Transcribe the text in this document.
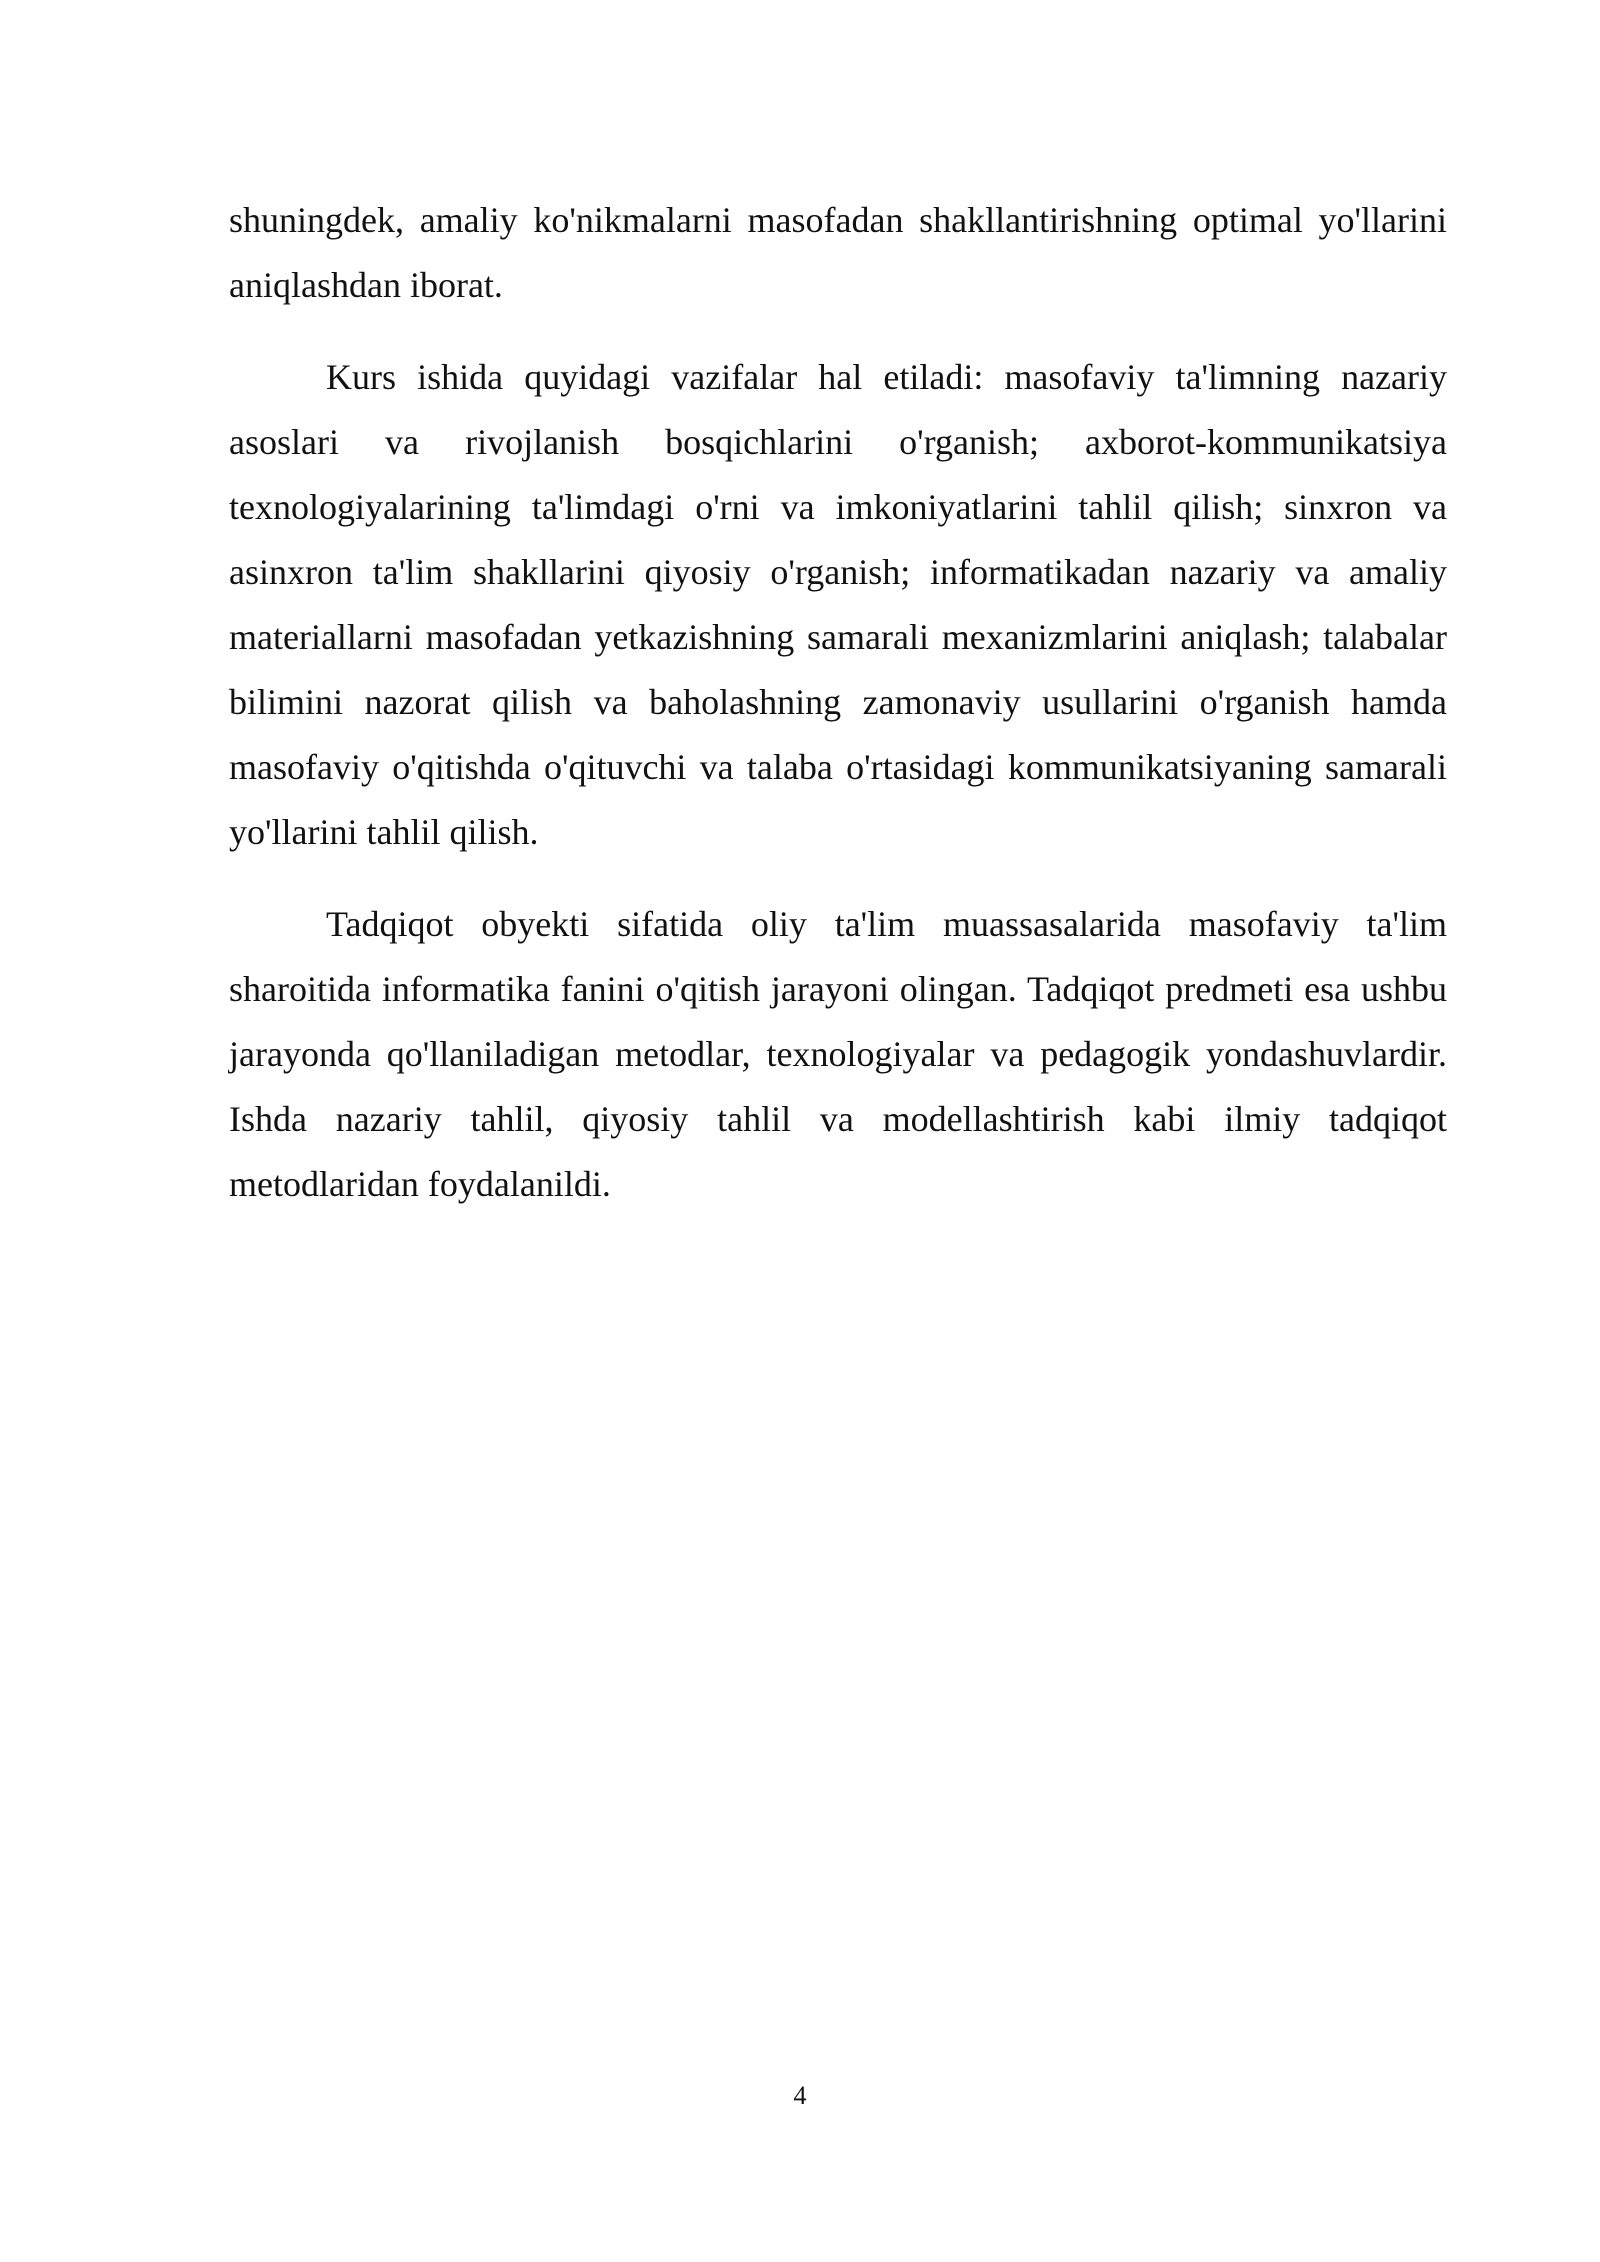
shuningdek, amaliy ko'nikmalarni masofadan shakllantirishning optimal yo'llarini aniqlashdan iborat.

Kurs ishida quyidagi vazifalar hal etiladi: masofaviy ta'limning nazariy asoslari va rivojlanish bosqichlarini o'rganish; axborot-kommunikatsiya texnologiyalarining ta'limdagi o'rni va imkoniyatlarini tahlil qilish; sinxron va asinxron ta'lim shakllarini qiyosiy o'rganish; informatikadan nazariy va amaliy materiallarni masofadan yetkazishning samarali mexanizmlarini aniqlash; talabalar bilimini nazorat qilish va baholashning zamonaviy usullarini o'rganish hamda masofaviy o'qitishda o'qituvchi va talaba o'rtasidagi kommunikatsiyaning samarali yo'llarini tahlil qilish.

Tadqiqot obyekti sifatida oliy ta'lim muassasalarida masofaviy ta'lim sharoitida informatika fanini o'qitish jarayoni olingan. Tadqiqot predmeti esa ushbu jarayonda qo'llaniladigan metodlar, texnologiyalar va pedagogik yondashuvlardir. Ishda nazariy tahlil, qiyosiy tahlil va modellashtirish kabi ilmiy tadqiqot metodlaridan foydalanildi.

4
